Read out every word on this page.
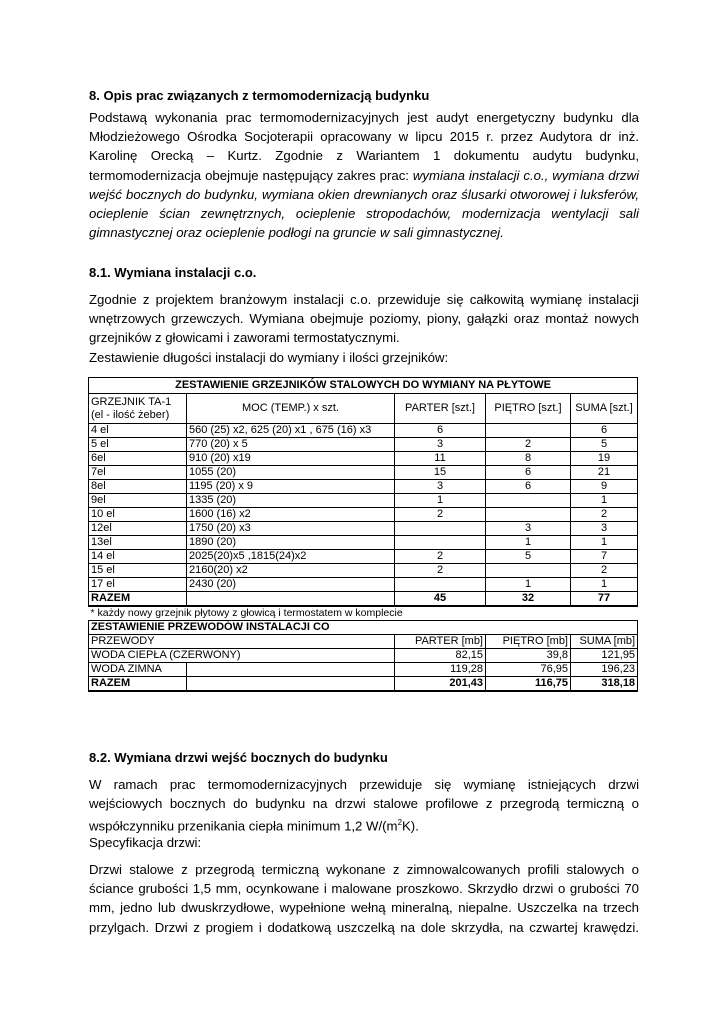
8. Opis prac związanych z termomodernizacją budynku
Podstawą wykonania prac termomodernizacyjnych jest audyt energetyczny budynku dla
Młodzieżowego Ośrodka Socjoterapii opracowany w lipcu 2015 r. przez Audytora dr inż.
Karolinę Orecką – Kurtz. Zgodnie z Wariantem 1 dokumentu audytu budynku,
termomodernizacja obejmuje następujący zakres prac: wymiana instalacji c.o., wymiana drzwi
wejść bocznych do budynku, wymiana okien drewnianych oraz ślusarki otworowej i luksferów,
ocieplenie ścian zewnętrznych, ocieplenie stropodachów, modernizacja wentylacji sali
gimnastycznej oraz ocieplenie podłogi na gruncie w sali gimnastycznej.
8.1. Wymiana instalacji c.o.
Zgodnie z projektem branżowym instalacji c.o. przewiduje się całkowitą wymianę instalacji
wnętrzowych grzewczych. Wymiana obejmuje poziomy, piony, gałązki oraz montaż nowych
grzejników z głowicami i zaworami termostatycznymi.
Zestawienie długości instalacji do wymiany i ilości grzejników:
ZESTAWIENIE GRZEJNIKÓW STALOWYCH DO WYMIANY NA PŁYTOWE				

GRZEJNIK TA-1
(el - ilość żeber)	MOC (TEMP.) x szt.	PARTER [szt.]	PIĘTRO [szt.]	SUMA [szt.]
4 el	560 (25) x2, 625 (20) x1 , 675 (16) x3	6		6
5 el	770 (20) x 5	3	2	5
6el	910 (20) x19	11	8	19
7el	1055 (20)	15	6	21
8el	1195 (20) x 9	3	6	9
9el	1335 (20)	1		1
10 el	1600 (16) x2	2		2
12el	1750 (20) x3		3	3
13el	1890 (20)		1	1
14 el	2025(20)x5 ,1815(24)x2	2	5	7
15 el	2160(20) x2	2		2
17 el	2430 (20)		1	1
RAZEM		45	32	77
* każdy nowy grzejnik płytowy z głowicą i termostatem w komplecie				
ZESTAWIENIE PRZEWODÓW INSTALACJI CO				
PRZEWODY		PARTER [mb]	PIĘTRO [mb]	SUMA [mb]
WODA CIEPŁA (CZERWONY)		82,15	39,8	121,95
WODA ZIMNA		119,28	76,95	196,23
RAZEM		201,43	116,75	318,18
8.2. Wymiana drzwi wejść bocznych do budynku
W ramach prac termomodernizacyjnych przewiduje się wymianę istniejących drzwi
wejściowych bocznych do budynku na drzwi stalowe profilowe z przegrodą termiczną o
współczynniku przenikania ciepła minimum 1,2 $W/(m^2K)$.
Specyfikacja drzwi:
Drzwi stalowe z przegrodą termiczną wykonane z zimnowalcowanych profili stalowych o
ściance grubości 1,5 mm, ocynkowane i malowane proszkowo. Skrzydło drzwi o grubości 70
mm, jedno lub dwuskrzydłowe, wypełnione wełną mineralną, niepalne. Uszczelka na trzech
przylgach. Drzwi z progiem i dodatkową uszczelką na dole skrzydła, na czwartej krawędzi.
